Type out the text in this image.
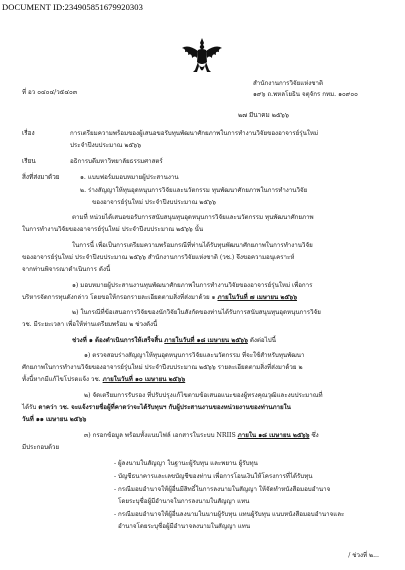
DOCUMENT ID:234905851679920303
ที่ อว ๐๔๐๔/ว๕๔๐๓
สำนักงานการวิจัยแห่งชาติ
๑๙๖ ถ.พหลโยธิน จตุจักร กทม. ๑๐๙๐๐
๒๗ มีนาคม ๒๕๖๖
เรื่อง	การเตรียมความพร้อมของผู้เสนอขอรับทุนพัฒนาศักยภาพในการทำงานวิจัยของอาจารย์รุ่นใหม่
ประจำปีงบประมาณ ๒๕๖๖
เรียน	อธิการบดีมหาวิทยาลัยธรรมศาสตร์
สิ่งที่ส่งมาด้วย	๑. แบบฟอร์มมอบหมายผู้ประสานงาน
๒. ร่างสัญญาให้ทุนอุดหนุนการวิจัยและนวัตกรรม ทุนพัฒนาศักยภาพในการทำงานวิจัย
ของอาจารย์รุ่นใหม่ ประจำปีงบประมาณ ๒๕๖๖
ตามที่ หน่วยได้เสนอขอรับการสนับสนุนทุนอุดหนุนการวิจัยและนวัตกรรม ทุนพัฒนาศักยภาพ
ในการทำงานวิจัยของอาจารย์รุ่นใหม่ ประจำปีงบประมาณ ๒๕๖๖ นั้น
ในการนี้ เพื่อเป็นการเตรียมความพร้อมกรณีที่ท่านได้รับทุนพัฒนาศักยภาพในการทำงานวิจัย
ของอาจารย์รุ่นใหม่ ประจำปีงบประมาณ ๒๕๖๖ สำนักงานการวิจัยแห่งชาติ (วช.) จึงขอความอนุเคราะห์
จากท่านพิจารณาดำเนินการ ดังนี้
๑) มอบหมายผู้ประสานงานทุนพัฒนาศักยภาพในการทำงานวิจัยของอาจารย์รุ่นใหม่ เพื่อการ
บริหารจัดการทุนดังกล่าว โดยขอให้กรอกรายละเอียดตามสิ่งที่ส่งมาด้วย ๑ ภายในวันที่ ๗ เมษายน ๒๕๖๖
๒) ในกรณีที่ข้อเสนอการวิจัยของนักวิจัยในสังกัดของท่านได้รับการสนับสนุนทุนอุดหนุนการวิจัย
วช. มีระยะเวลา เพื่อให้ท่านเตรียมพร้อม ๒ ช่วงดังนี้
ช่วงที่ ๑ ต้องดำเนินการให้เสร็จสิ้น ภายในวันที่ ๑๘ เมษายน ๒๕๖๖ ดังต่อไปนี้
๑) ตรวจสอบร่างสัญญาให้ทุนอุดหนุนการวิจัยและนวัตกรรม ที่จะใช้สำหรับทุนพัฒนา
ศักยภาพในการทำงานวิจัยของอาจารย์รุ่นใหม่ ประจำปีงบประมาณ ๒๕๖๖ รายละเอียดตามสิ่งที่ส่งมาด้วย ๒
ทั้งนี้หากมีแก้ไขโปรดแจ้ง วช. ภายในวันที่ ๑๐ เมษายน ๒๕๖๖
๒) จัดเตรียมการรับรอง ที่ปรับปรุงแก้ไขตามข้อเสนอแนะของผู้ทรงคุณวุฒิและงบประมาณที่
ได้รับ ดาคว่า วช. จะแจ้งรายชื่อผู้ที่คาดว่าจะได้รับทุนฯ กับผู้ประสานงานของหน่วยงานของท่านภายใน
วันที่ ๑๑ เมษายน ๒๕๖๖
๓) กรอกข้อมูล พร้อมทั้งแนบไฟล์ เอกสารในระบบ NRIIS ภายใน ๑๘ เมษายน ๒๕๖๖ ซึ่ง
มีประกอบด้วย
- ผู้ลงนามในสัญญา ในฐานะผู้รับทุน และพยาน ผู้รับทุน
- บัญชีธนาคารและเลขบัญชีของท่าน เพื่อการโอนเงินให้โครงการที่ได้รับทุน
- กรณีมอบอำนาจให้ผู้อื่นมีสิทธิ์ในการลงนามในสัญญา ให้จัดทำหนังสือมอบอำนาจ
โดยระบุชื่อผู้มีอำนาจในการลงนามในสัญญา แทน
- กรณีมอบอำนาจให้ผู้อื่นลงนามในนามผู้รับทุน แทนผู้รับทุน แนบหนังสือมอบอำนาจและ
อำนาจโดยระบุชื่อผู้มีอำนาจลงนามในสัญญา แทน
/ ช่วงที่ ๒...
